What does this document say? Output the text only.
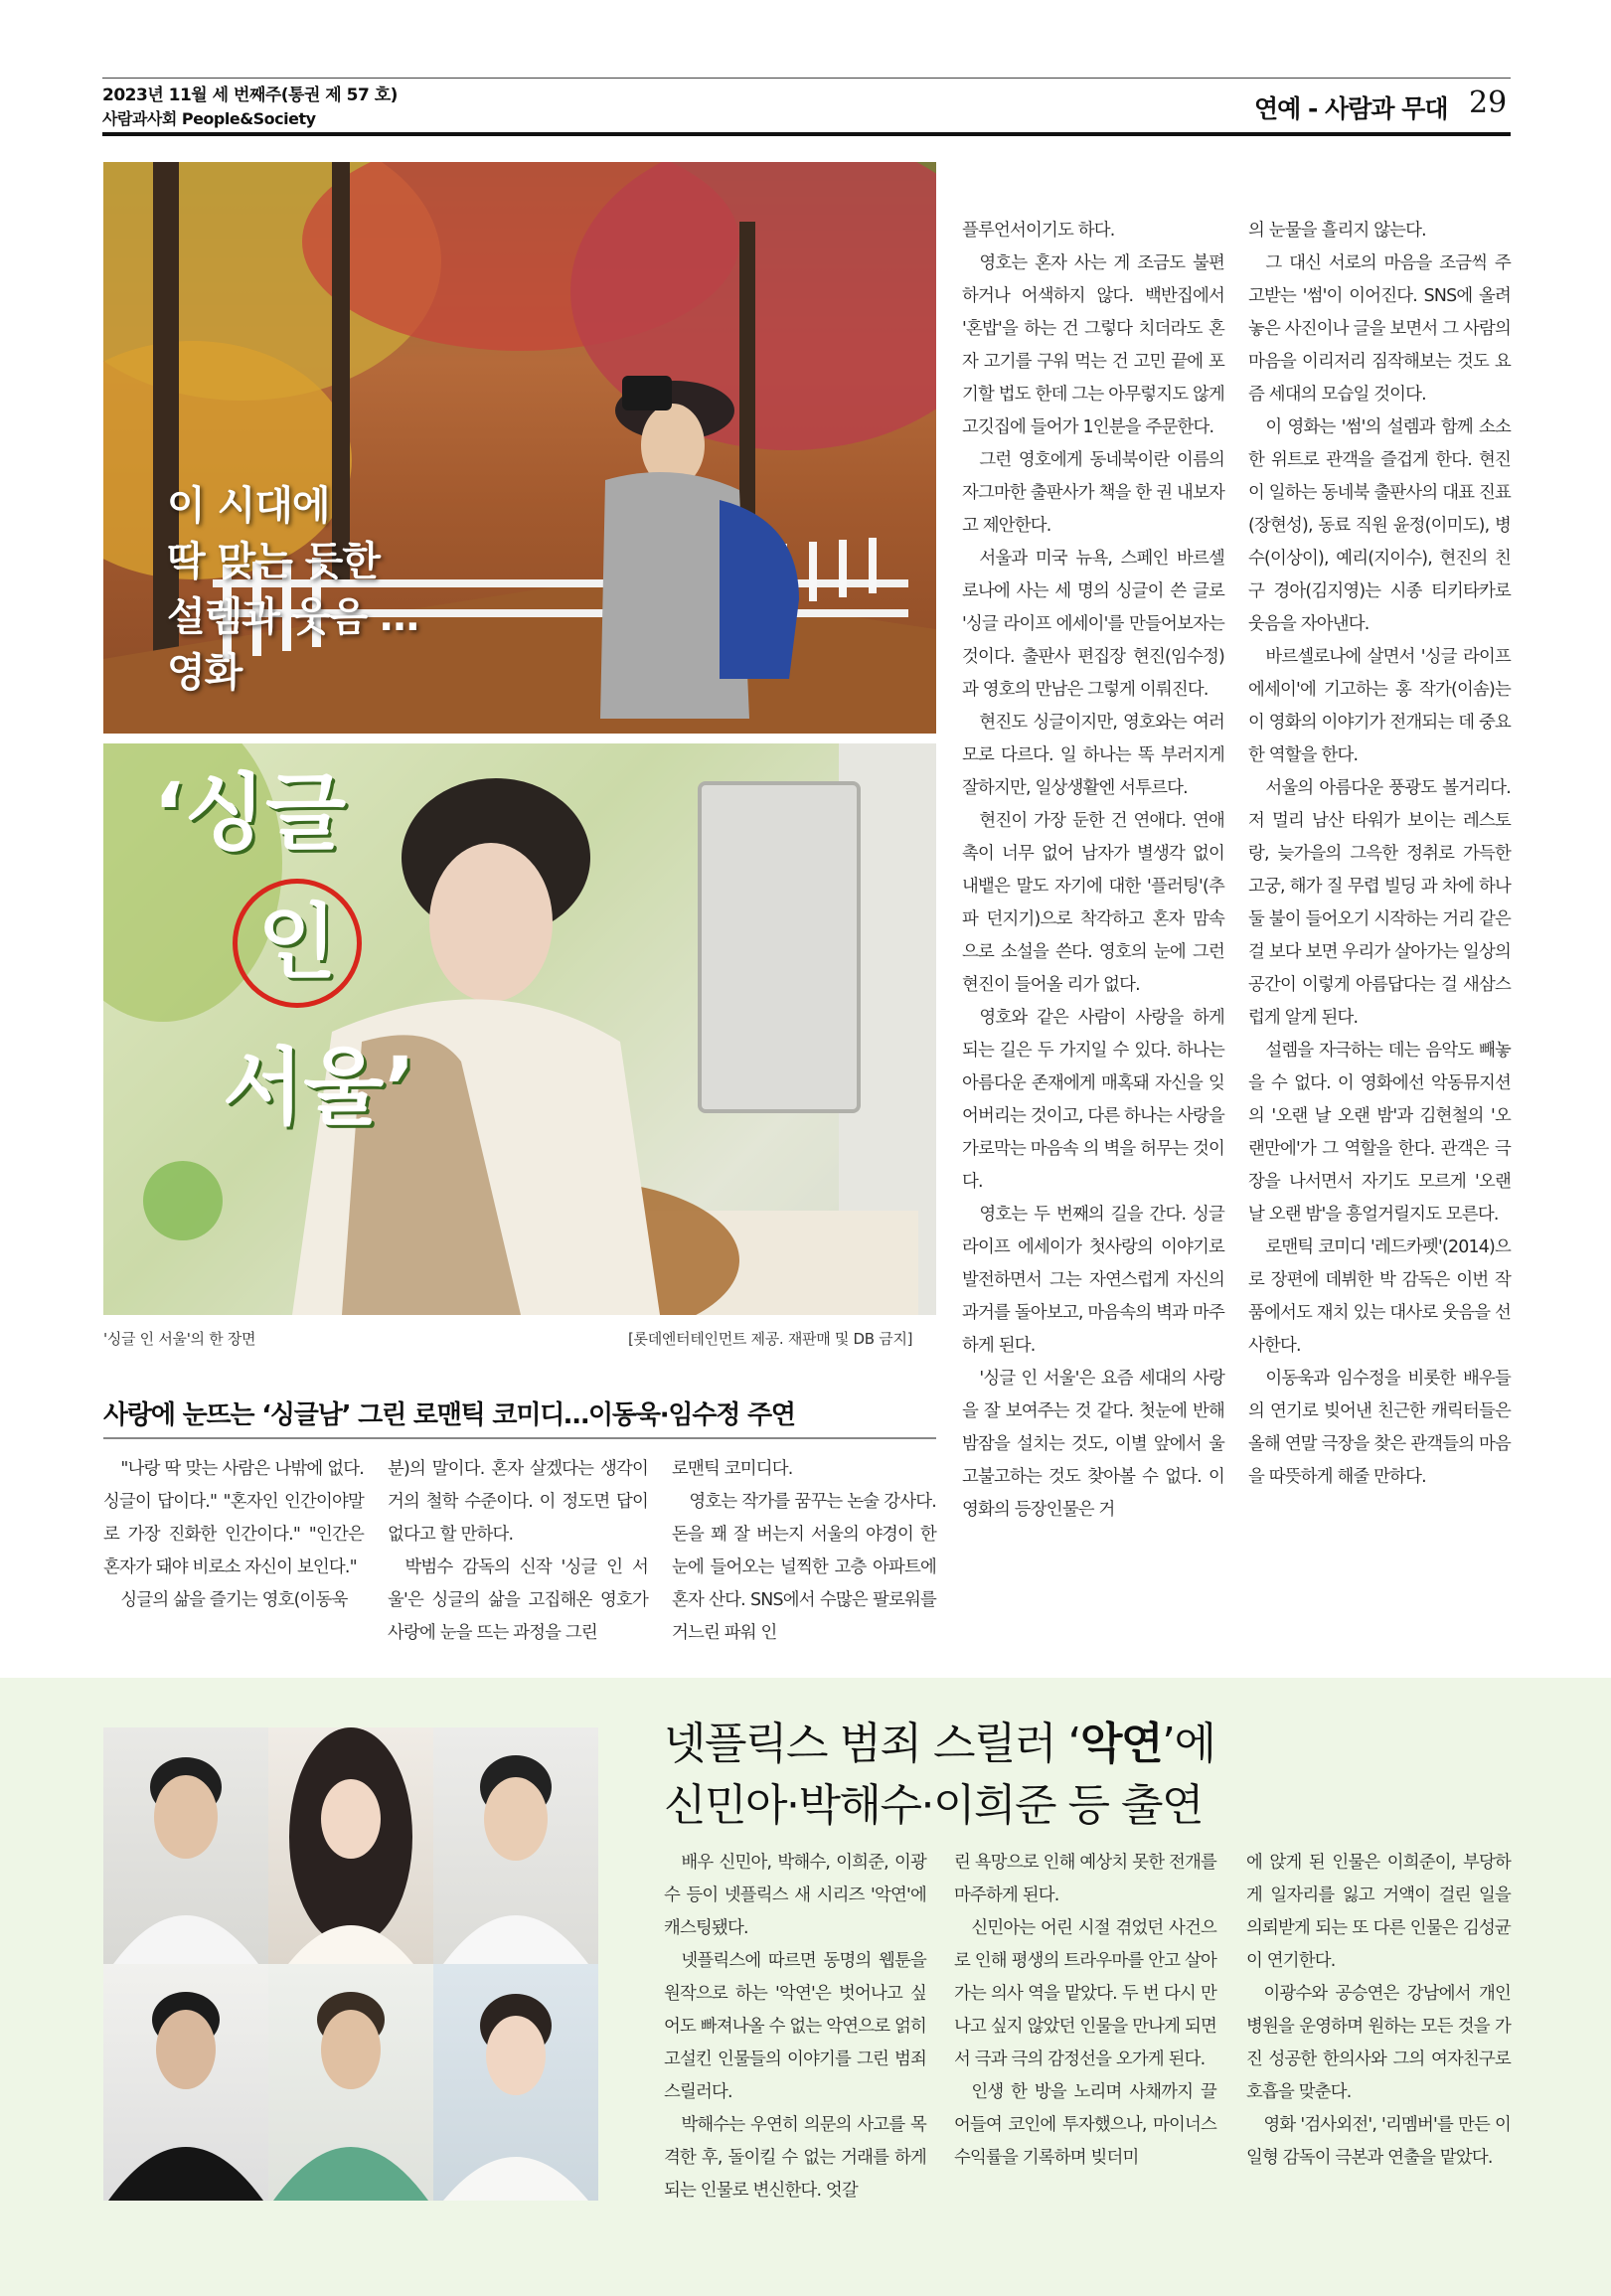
2023년 11월 세 번째주(통권 제 57 호)
사람과사회 People&Society	연예 - 사람과 무대 29
이 시대에
딱 맞는 듯한
설렘과 웃음 …
영화
‘싱글
인
서울’
'싱글 인 서울'의 한 장면	[롯데엔터테인먼트 제공. 재판매 및 DB 금지]
사랑에 눈뜨는 ‘싱글남’ 그린 로맨틱 코미디…이동욱·임수정 주연

"나랑 딱 맞는 사람은 나밖에 없다. 싱글이 답이다." "혼자인 인간이야말로 가장 진화한 인간이다." "인간은 혼자가 돼야 비로소 자신이 보인다."

싱글의 삶을 즐기는 영호(이동욱

분)의 말이다. 혼자 살겠다는 생각이 거의 철학 수준이다. 이 정도면 답이 없다고 할 만하다.

박범수 감독의 신작 '싱글 인 서울'은 싱글의 삶을 고집해온 영호가 사랑에 눈을 뜨는 과정을 그린

로맨틱 코미디다.

영호는 작가를 꿈꾸는 논술 강사다. 돈을 꽤 잘 버는지 서울의 야경이 한눈에 들어오는 널찍한 고층 아파트에 혼자 산다. SNS에서 수많은 팔로워를 거느린 파워 인

플루언서이기도 하다.

영호는 혼자 사는 게 조금도 불편하거나 어색하지 않다. 백반집에서 '혼밥'을 하는 건 그렇다 치더라도 혼자 고기를 구워 먹는 건 고민 끝에 포기할 법도 한데 그는 아무렇지도 않게 고깃집에 들어가 1인분을 주문한다.

그런 영호에게 동네북이란 이름의 자그마한 출판사가 책을 한 권 내보자고 제안한다.

서울과 미국 뉴욕, 스페인 바르셀로나에 사는 세 명의 싱글이 쓴 글로 '싱글 라이프 에세이'를 만들어보자는 것이다. 출판사 편집장 현진(임수정)과 영호의 만남은 그렇게 이뤄진다.

현진도 싱글이지만, 영호와는 여러모로 다르다. 일 하나는 똑 부러지게 잘하지만, 일상생활엔 서투르다.

현진이 가장 둔한 건 연애다. 연애 촉이 너무 없어 남자가 별생각 없이 내뱉은 말도 자기에 대한 '플러팅'(추파 던지기)으로 착각하고 혼자 맘속으로 소설을 쓴다. 영호의 눈에 그런 현진이 들어올 리가 없다.

영호와 같은 사람이 사랑을 하게 되는 길은 두 가지일 수 있다. 하나는 아름다운 존재에게 매혹돼 자신을 잊어버리는 것이고, 다른 하나는 사랑을 가로막는 마음속 의 벽을 허무는 것이다.

영호는 두 번째의 길을 간다. 싱글 라이프 에세이가 첫사랑의 이야기로 발전하면서 그는 자연스럽게 자신의 과거를 돌아보고, 마음속의 벽과 마주하게 된다.

'싱글 인 서울'은 요즘 세대의 사랑을 잘 보여주는 것 같다. 첫눈에 반해 밤잠을 설치는 것도, 이별 앞에서 울고불고하는 것도 찾아볼 수 없다. 이 영화의 등장인물은 거

의 눈물을 흘리지 않는다.

그 대신 서로의 마음을 조금씩 주고받는 '썸'이 이어진다. SNS에 올려놓은 사진이나 글을 보면서 그 사람의 마음을 이리저리 짐작해보는 것도 요즘 세대의 모습일 것이다.

이 영화는 '썸'의 설렘과 함께 소소한 위트로 관객을 즐겁게 한다. 현진이 일하는 동네북 출판사의 대표 진표(장현성), 동료 직원 윤정(이미도), 병수(이상이), 예리(지이수), 현진의 친구 경아(김지영)는 시종 티키타카로 웃음을 자아낸다.

바르셀로나에 살면서 '싱글 라이프 에세이'에 기고하는 홍 작가(이솜)는 이 영화의 이야기가 전개되는 데 중요한 역할을 한다.

서울의 아름다운 풍광도 볼거리다. 저 멀리 남산 타워가 보이는 레스토랑, 늦가을의 그윽한 정취로 가득한 고궁, 해가 질 무렵 빌딩 과 차에 하나둘 불이 들어오기 시작하는 거리 같은 걸 보다 보면 우리가 살아가는 일상의 공간이 이렇게 아름답다는 걸 새삼스럽게 알게 된다.

설렘을 자극하는 데는 음악도 빼놓을 수 없다. 이 영화에선 악동뮤지션의 '오랜 날 오랜 밤'과 김현철의 '오랜만에'가 그 역할을 한다. 관객은 극장을 나서면서 자기도 모르게 '오랜 날 오랜 밤'을 흥얼거릴지도 모른다.

로맨틱 코미디 '레드카펫'(2014)으로 장편에 데뷔한 박 감독은 이번 작품에서도 재치 있는 대사로 웃음을 선사한다.

이동욱과 임수정을 비롯한 배우들의 연기로 빚어낸 친근한 캐릭터들은 올해 연말 극장을 찾은 관객들의 마음을 따뜻하게 해줄 만하다.

넷플릭스 범죄 스릴러 ‘악연’에
신민아·박해수·이희준 등 출연

배우 신민아, 박해수, 이희준, 이광수 등이 넷플릭스 새 시리즈 '악연'에 캐스팅됐다.

넷플릭스에 따르면 동명의 웹툰을 원작으로 하는 '악연'은 벗어나고 싶어도 빠져나올 수 없는 악연으로 얽히고설킨 인물들의 이야기를 그린 범죄 스릴러다.

박해수는 우연히 의문의 사고를 목격한 후, 돌이킬 수 없는 거래를 하게 되는 인물로 변신한다. 엇갈

린 욕망으로 인해 예상치 못한 전개를 마주하게 된다.

신민아는 어린 시절 겪었던 사건으로 인해 평생의 트라우마를 안고 살아가는 의사 역을 맡았다. 두 번 다시 만나고 싶지 않았던 인물을 만나게 되면서 극과 극의 감정선을 오가게 된다.

인생 한 방을 노리며 사채까지 끌어들여 코인에 투자했으나, 마이너스 수익률을 기록하며 빚더미

에 앉게 된 인물은 이희준이, 부당하게 일자리를 잃고 거액이 걸린 일을 의뢰받게 되는 또 다른 인물은 김성균이 연기한다.

이광수와 공승연은 강남에서 개인 병원을 운영하며 원하는 모든 것을 가진 성공한 한의사와 그의 여자친구로 호흡을 맞춘다.

영화 '검사외전', '리멤버'를 만든 이일형 감독이 극본과 연출을 맡았다.
